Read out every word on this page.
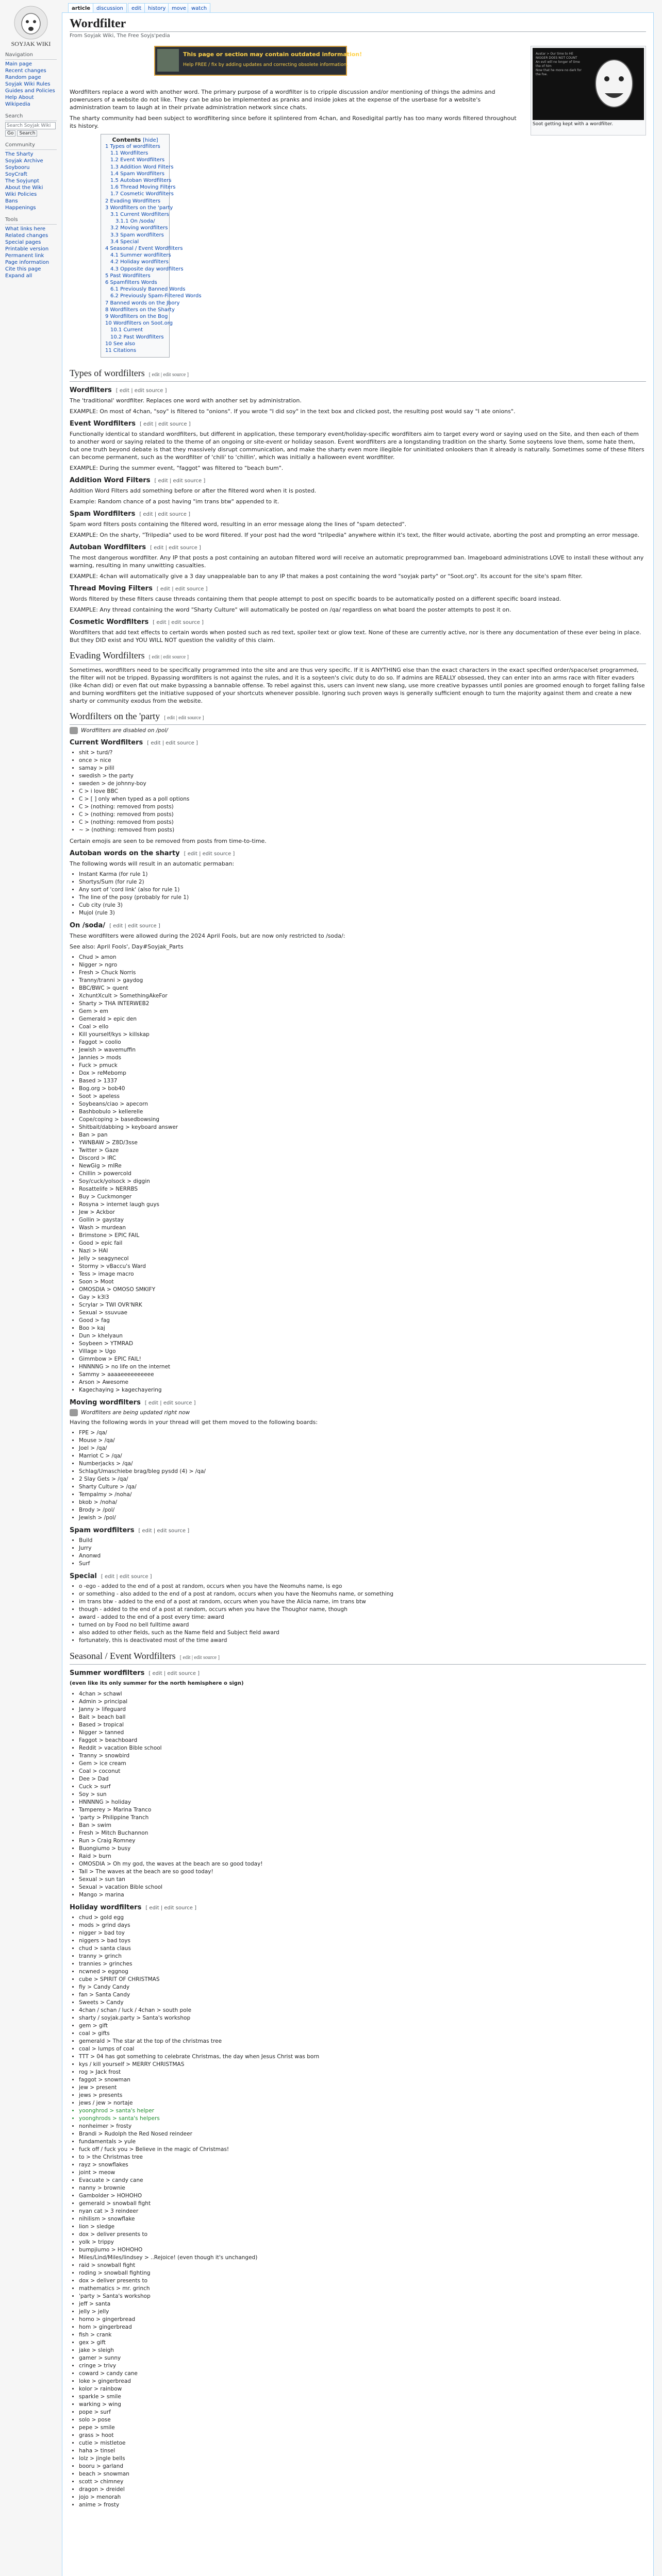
SOYJAK WIKI
Navigation
Main page
Recent changes
Random page
Soyjak Wiki Rules
Guides and Policies
Help About Wikipedia
Search
Search Soyjak Wiki
Go	Search
Community
The Sharty
Soyjak Archive
Soybooru
SoyCraft
The Soyjunpt
About the Wiki
Wiki Policies
Bans
Happenings
Tools
What links here
Related changes
Special pages
Printable version
Permanent link
Page information
Cite this page
Expand all
article	discussion	edit	history	move	watch
Wordfilter
From Soyjak Wiki, The Free Soyjs'pedia
This page or section may contain outdated information!
Help FREE / fix by adding updates and correcting obsolete information.
Avatar > Our time to HE NIGGER DOES NOT COUNT
An evil will no longer of time the of him
Now that he more no dark for the foe.
Soot getting kept with a wordfilter.

Wordfilters replace a word with another word. The primary purpose of a wordfilter is to cripple discussion and/or mentioning of things the admins and powerusers of a website do not like. They can be also be implemented as pranks and inside jokes at the expense of the userbase for a website's administration team to laugh at in their private administration network since chats.

The sharty community had been subject to wordfiltering since before it splintered from 4chan, and Rosedigital partly has too many words filtered throughout its history.

Contents [hide]
1 Types of wordfilters
1.1 Wordfilters
1.2 Event Wordfilters
1.3 Addition Word Filters
1.4 Spam Wordfilters
1.5 Autoban Wordfilters
1.6 Thread Moving Filters
1.7 Cosmetic Wordfilters
2 Evading Wordfilters
3 Wordfilters on the 'party
3.1 Current Wordfilters
3.1.1 On /soda/
3.2 Moving wordfilters
3.3 Spam wordfilters
3.4 Special
4 Seasonal / Event Wordfilters
4.1 Summer wordfilters
4.2 Holiday wordfilters
4.3 Opposite day wordfilters
5 Past Wordfilters
6 Spamfilters Words
6.1 Previously Banned Words
6.2 Previously Spam-Filtered Words
7 Banned words on the Jbory
8 Wordfilters on the Sharty
9 Wordfilters on the Bog
10 Wordfilters on Soot.org
10.1 Current
10.2 Past Wordfilters
10 See also
11 Citations
Types of wordfilters [ edit | edit source ]
Wordfilters [ edit | edit source ]

The 'traditional' wordfilter. Replaces one word with another set by administration.

EXAMPLE: On most of 4chan, "soy" is filtered to "onions". If you wrote "I did soy" in the text box and clicked post, the resulting post would say "I ate onions".

Event Wordfilters [ edit | edit source ]

Functionally identical to standard wordfilters, but different in application, these temporary event/holiday-specific wordfilters aim to target every word or saying used on the Site, and then each of them to another word or saying related to the theme of an ongoing or site-event or holiday season. Event wordfilters are a longstanding tradition on the sharty. Some soyteens love them, some hate them, but one truth beyond debate is that they massively disrupt communication, and make the sharty even more illegible for uninitiated onlookers than it already is naturally. Sometimes some of these filters can become permanent, such as the wordfilter of 'chili' to 'chillin', which was initially a halloween event wordfilter.

EXAMPLE: During the summer event, "faggot" was filtered to "beach bum".

Addition Word Filters [ edit | edit source ]

Addition Word Filters add something before or after the filtered word when it is posted.

Example: Random chance of a post having "im trans btw" appended to it.

Spam Wordfilters [ edit | edit source ]

Spam word filters posts containing the filtered word, resulting in an error message along the lines of "spam detected".

EXAMPLE: On the sharty, "Trilpedia" used to be word filtered. If your post had the word "trilpedia" anywhere within it's text, the filter would activate, aborting the post and prompting an error message.

Autoban Wordfilters [ edit | edit source ]

The most dangerous wordfilter. Any IP that posts a post containing an autoban filtered word will receive an automatic preprogrammed ban. Imageboard administrations LOVE to install these without any warning, resulting in many unwitting casualties.

EXAMPLE: 4chan will automatically give a 3 day unappealable ban to any IP that makes a post containing the word "soyjak party" or "Soot.org". Its account for the site's spam filter.

Thread Moving Filters [ edit | edit source ]

Words filtered by these filters cause threads containing them that people attempt to post on specific boards to be automatically posted on a different specific board instead.

EXAMPLE: Any thread containing the word "Sharty Culture" will automatically be posted on /qa/ regardless on what board the poster attempts to post it on.

Cosmetic Wordfilters [ edit | edit source ]

Wordfilters that add text effects to certain words when posted such as red text, spoiler text or glow text. None of these are currently active, nor is there any documentation of these ever being in place. But they DID exist and YOU WILL NOT question the validity of this claim.

Evading Wordfilters [ edit | edit source ]

Sometimes, wordfilters need to be specifically programmed into the site and are thus very specific. If it is ANYTHING else than the exact characters in the exact specified order/space/set programmed, the filter will not be tripped. Bypassing wordfilters is not against the rules, and it is a soyteen's civic duty to do so. If admins are REALLY obsessed, they can enter into an arms race with filter evaders (like 4chan did) or even flat out make bypassing a bannable offense. To rebel against this, users can invent new slang, use more creative bypasses until ponies are groomed enough to forget falling false and burning wordfilters get the initiative supposed of your shortcuts whenever possible. Ignoring such proven ways is generally sufficient enough to turn the majority against them and create a new sharty or community exodus from the website.

Wordfilters on the 'party [ edit | edit source ]
Wordfilters are disabled on /pol/
Current Wordfilters [ edit | edit source ]
• shit > turd/?
• once > nice
• samay > pilil
• swedish > the party
• sweden > de johnny-boy
• C > i love BBC
• C > [ ] only when typed as a poll options
• C > (nothing: removed from posts)
• C > (nothing: removed from posts)
• C > (nothing: removed from posts)
• ~ > (nothing: removed from posts)

Certain emojis are seen to be removed from posts from time-to-time.

Autoban words on the sharty [ edit | edit source ]

The following words will result in an automatic permaban:

• Instant Karma (for rule 1)
• Shortys/Sum (for rule 2)
• Any sort of 'cord link' (also for rule 1)
• The line of the posy (probably for rule 1)
• Cub city (rule 3)
• Mujol (rule 3)
On /soda/ [ edit | edit source ]

These wordfilters were allowed during the 2024 April Fools, but are now only restricted to /soda/:

See also: April Fools', Day#Soyjak_Parts

• Chud > amon
• Nigger > ngro
• Fresh > Chuck Norris
• Tranny/tranni > gaydog
• BBC/BWC > quent
• XchuntXcult > SomethingAkeFor
• Sharty > THA INTERWEB2
• Gem > em
• Gemerald > epic den
• Coal > ello
• Kill yourself/kys > killskap
• Faggot > coolio
• Jewish > wavemuffin
• Jannies > mods
• Fuck > pmuck
• Dox > reMebomp
• Based > 1337
• Bog.org > bob40
• Soot > apeless
• Soybeans/ciao > apecorn
• Bashbobulo > kellerelle
• Cope/coping > basedbowsing
• Shitbait/dabbing > keyboard answer
• Ban > pan
• YWNBAW > Z8D/3sse
• Twitter > Gaze
• Discord > IRC
• NewGig > mIRe
• Chillin > powercold
• Soy/cuck/yolsock > diggin
• Rosattelife > NERRBS
• Buy > Cuckmonger
• Rosyna > internet laugh guys
• Jew > Ackbor
• Gollin > gaystay
• Wash > murdean
• Brimstone > EPIC FAIL
• Good > epic fail
• Nazi > HAI
• Jelly > seagynecol
• Stormy > vBaccu's Ward
• Tess > image macro
• Soon > Moot
• OMOSDIA > OMOSO SMKIFY
• Gay > k3l3
• Scrylar > TWI OVR'NRK
• Sexual > ssuvuae
• Good > fag
• Boo > kaj
• Dun > khelyaun
• Soybeen > YTMRAD
• Village > Ugo
• Gimmbow > EPIC FAIL!
• HNNNNG > no life on the internet
• Sammy > aaaaeeeeeeeeee
• Arson > Awesome
• Kagechaying > kagechayering
Moving wordfilters [ edit | edit source ]
Wordfilters are being updated right now

Having the following words in your thread will get them moved to the following boards:

• FPE > /qa/
• Mouse > /qa/
• Joel > /qa/
• Marriot C > /qa/
• Numberjacks > /qa/
• Schlag/Umaschiebe brag/bleg pysdd (4) > /qa/
• 2 Slay Gets > /qa/
• Sharty Culture > /qa/
• Tempalmy > /noha/
• bkob > /noha/
• Brody > /pol/
• Jewish > /pol/
Spam wordfilters [ edit | edit source ]
• Build
• Jurry
• Anonwd
• Surf
Special [ edit | edit source ]
• o -ego - added to the end of a post at random, occurs when you have the Neomuhs name, is ego
• or something - also added to the end of a post at random, occurs when you have the Neomuhs name, or something
• im trans btw - added to the end of a post at random, occurs when you have the Alicia name, im trans btw
• though - added to the end of a post at random, occurs when you have the Thoughor name, though
• award - added to the end of a post every time: award
• turned on by Food no bell fulltime award
• also added to other fields, such as the Name field and Subject field award
• fortunately, this is deactivated most of the time award
Seasonal / Event Wordfilters [ edit | edit source ]
Summer wordfilters [ edit | edit source ]

(even like its only summer for the north hemisphere o sign)

• 4chan > schawl
• Admin > principal
• Janny > lifeguard
• Bait > beach ball
• Based > tropical
• Nigger > tanned
• Faggot > beachboard
• Reddit > vacation Bible school
• Tranny > snowbird
• Gem > ice cream
• Coal > coconut
• Dee > Dad
• Cuck > surf
• Soy > sun
• HNNNNG > holiday
• Tamperey > Marina Tranco
• 'party > Philippine Tranch
• Ban > swim
• Fresh > Mitch Buchannon
• Run > Craig Romney
• Buongiumo > busy
• Raid > burn
• OMOSDIA > Oh my god, the waves at the beach are so good today!
• Tall > The waves at the beach are so good today!
• Sexual > sun tan
• Sexual > vacation Bible school
• Mango > marina
Holiday wordfilters [ edit | edit source ]
• chud > gold egg
• mods > grind days
• nigger > bad toy
• niggers > bad toys
• chud > santa claus
• tranny > grinch
• trannies > grinches
• ncwned > eggnog
• cube > SPIRIT OF CHRISTMAS
• fiy > Candy Candy
• fan > Santa Candy
• Sweets > Candy
• 4chan / schan / luck / 4chan > south pole
• sharty / soyjak.party > Santa's workshop
• gem > gift
• coal > gifts
• gemerald > The star at the top of the christmas tree
• coal > lumps of coal
• TTT > 04 has got something to celebrate Christmas, the day when Jesus Christ was born
• kys / kill yourself > MERRY CHRISTMAS
• rog > Jack frost
• faggot > snowman
• jew > present
• jews > presents
• jews / jew > nortaje
• yoonghrod > santa's helper
• yoonghrods > santa's helpers
• nonheimer > frosty
• Brandi > Rudolph the Red Nosed reindeer
• fundamentals > yule
• fuck off / fuck you > Believe in the magic of Christmas!
• to > the Christmas tree
• rayz > snowflakes
• joint > meow
• Evacuate > candy cane
• nanny > brownie
• Gambolder > HOHOHO
• gemerald > snowball fight
• nyan cat > 3 reindeer
• nihilism > snowflake
• lion > sledge
• dox > deliver presents to
• yolk > trippy
• bumpjiumo > HOHOHO
• Miles/Lind/Miles/lindsey > ..Rejoice! (even though it's unchanged)
• raid > snowball fight
• roding > snowball fighting
• dox > deliver presents to
• mathematics > mr. grinch
• 'party > Santa's workshop
• jeff > santa
• jelly > jelly
• homo > gingerbread
• hom > gingerbread
• fish > crank
• gex > gift
• jake > sleigh
• gamer > sunny
• cringe > trivy
• coward > candy cane
• loke > gingerbread
• kolor > rainbow
• sparkle > smile
• warking > wing
• pope > surf
• solo > pose
• pepe > smile
• grass > hoot
• cutie > mistletoe
• haha > tinsel
• lolz > jingle bells
• booru > garland
• beach > snowman
• scott > chimney
• dragon > dreidel
• jojo > menorah
• anime > frosty
